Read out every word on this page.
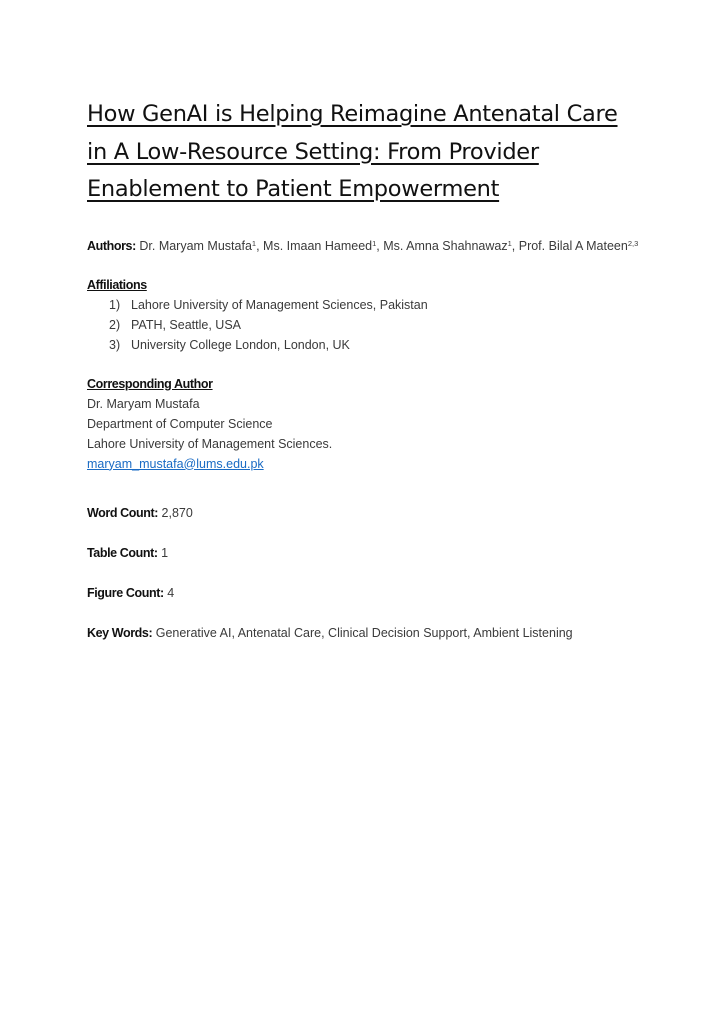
How GenAI is Helping Reimagine Antenatal Care
in A Low-Resource Setting: From Provider
Enablement to Patient Empowerment
Authors: Dr. Maryam Mustafa$^1$, Ms. Imaan Hameed$^1$, Ms. Amna Shahnawaz$^1$, Prof. Bilal A Mateen$^{2,3}$
Affiliations
1) Lahore University of Management Sciences, Pakistan
2) PATH, Seattle, USA
3) University College London, London, UK
Corresponding Author
Dr. Maryam Mustafa
Department of Computer Science
Lahore University of Management Sciences.
maryam_mustafa@lums.edu.pk
Word Count: 2,870
Table Count: 1
Figure Count: 4
Key Words: Generative AI, Antenatal Care, Clinical Decision Support, Ambient Listening
